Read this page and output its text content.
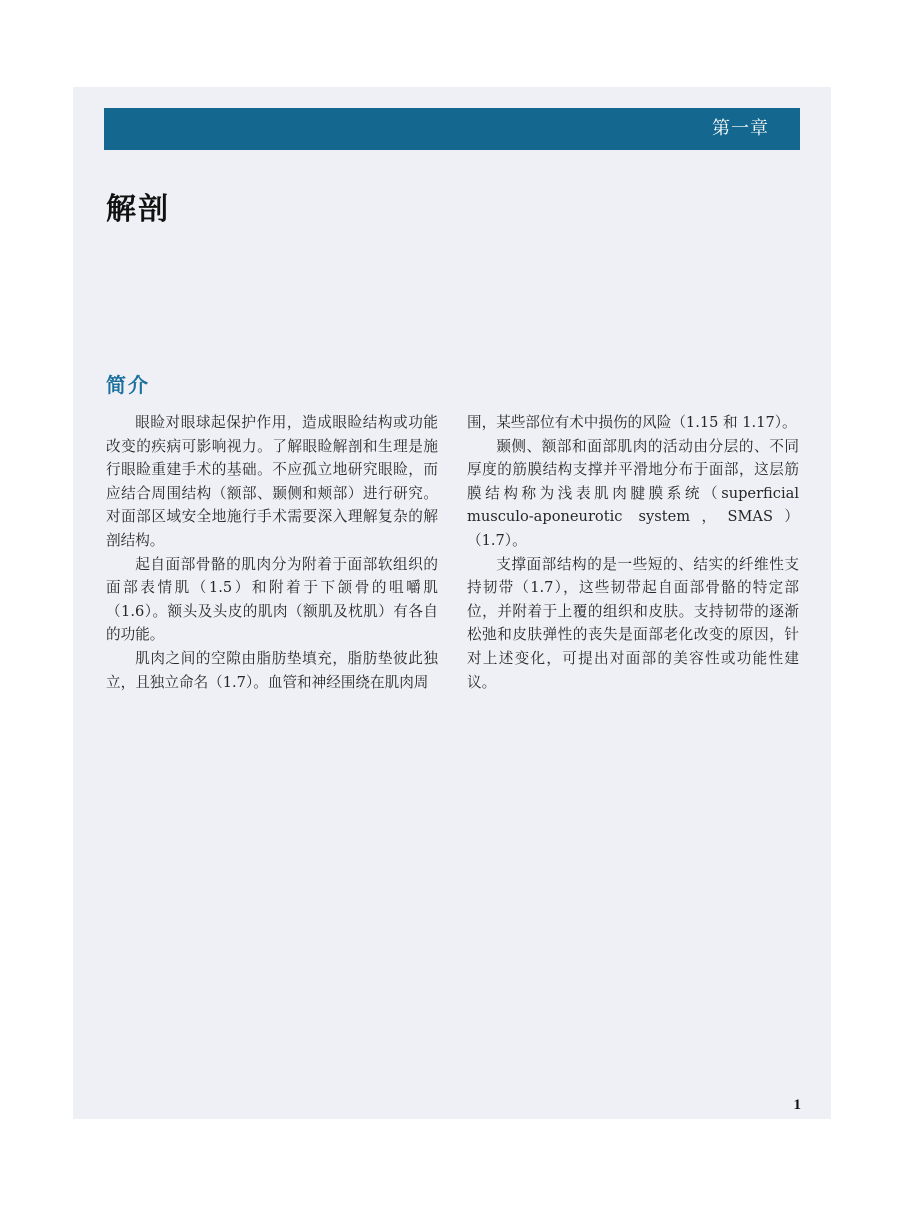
第一章
解剖
简介

眼睑对眼球起保护作用，造成眼睑结构或功能改变的疾病可影响视力。了解眼睑解剖和生理是施行眼睑重建手术的基础。不应孤立地研究眼睑，而应结合周围结构（额部、颞侧和颊部）进行研究。对面部区域安全地施行手术需要深入理解复杂的解剖结构。

起自面部骨骼的肌肉分为附着于面部软组织的面部表情肌（1.5）和附着于下颌骨的咀嚼肌（1.6）。额头及头皮的肌肉（额肌及枕肌）有各自的功能。

肌肉之间的空隙由脂肪垫填充，脂肪垫彼此独立，且独立命名（1.7）。血管和神经围绕在肌肉周

围，某些部位有术中损伤的风险（1.15 和 1.17）。

颞侧、额部和面部肌肉的活动由分层的、不同厚度的筋膜结构支撑并平滑地分布于面部，这层筋膜结构称为浅表肌肉腱膜系统（superficial musculo-aponeurotic system，SMAS）（1.7）。

支撑面部结构的是一些短的、结实的纤维性支持韧带（1.7），这些韧带起自面部骨骼的特定部位，并附着于上覆的组织和皮肤。支持韧带的逐渐松弛和皮肤弹性的丧失是面部老化改变的原因，针对上述变化，可提出对面部的美容性或功能性建议。

1
